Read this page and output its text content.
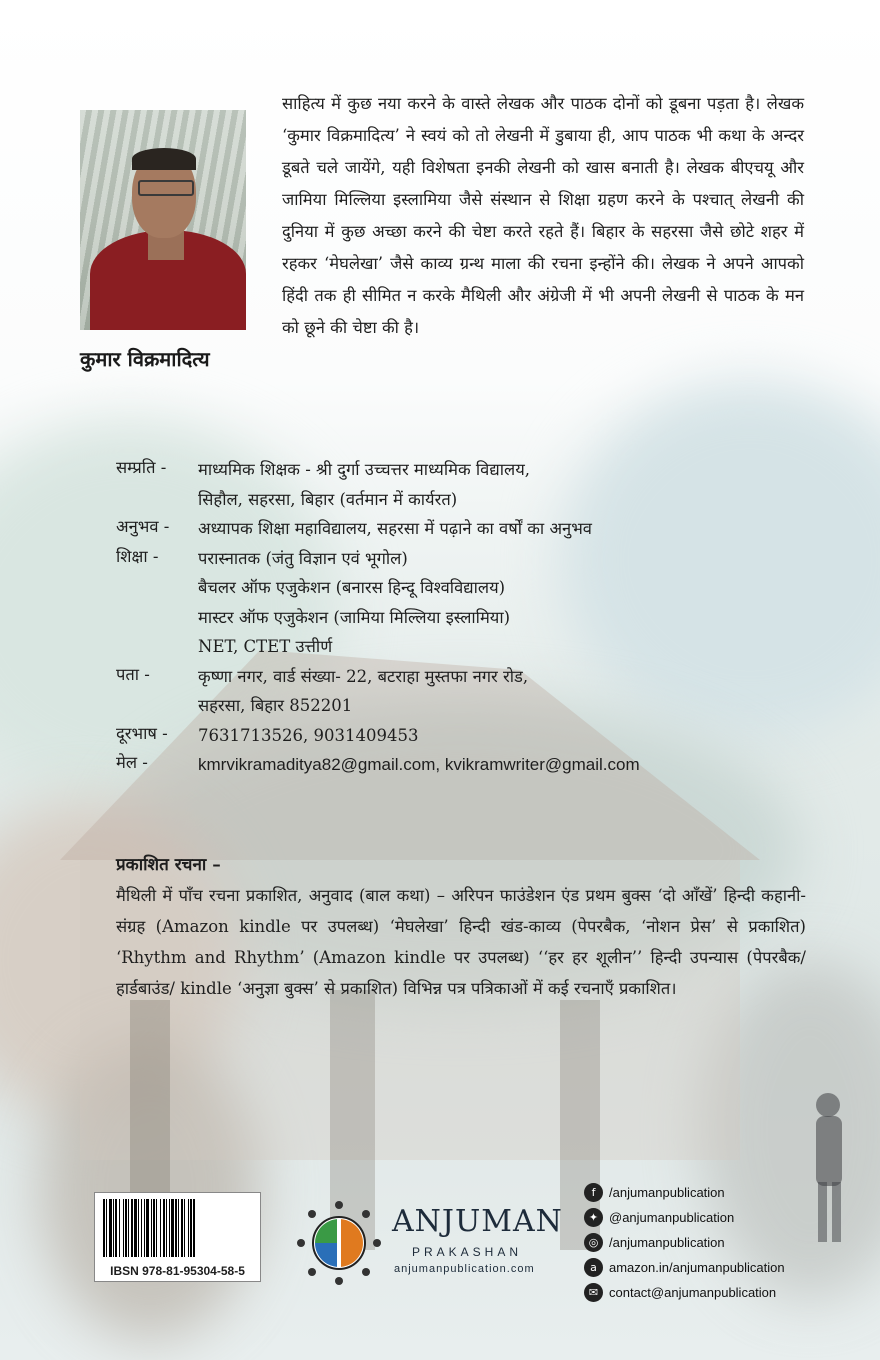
कुमार विक्रमादित्य

साहित्य में कुछ नया करने के वास्ते लेखक और पाठक दोनों को डूबना पड़ता है। लेखक ‘कुमार विक्रमादित्य’ ने स्वयं को तो लेखनी में डुबाया ही, आप पाठक भी कथा के अन्दर डूबते चले जायेंगे, यही विशेषता इनकी लेखनी को खास बनाती है। लेखक बीएचयू और जामिया मिल्लिया इस्लामिया जैसे संस्थान से शिक्षा ग्रहण करने के पश्चात् लेखनी की दुनिया में कुछ अच्छा करने की चेष्टा करते रहते हैं। बिहार के सहरसा जैसे छोटे शहर में रहकर ‘मेघलेखा’ जैसे काव्य ग्रन्थ माला की रचना इन्होंने की। लेखक ने अपने आपको हिंदी तक ही सीमित न करके मैथिली और अंग्रेजी में भी अपनी लेखनी से पाठक के मन को छूने की चेष्टा की है।

सम्प्रति -	माध्यमिक शिक्षक - श्री दुर्गा उच्चत्तर माध्यमिक विद्यालय,
सिहौल, सहरसा, बिहार (वर्तमान में कार्यरत)
अनुभव -	अध्यापक शिक्षा महाविद्यालय, सहरसा में पढ़ाने का वर्षों का अनुभव
शिक्षा -	परास्नातक (जंतु विज्ञान एवं भूगोल)
बैचलर ऑफ एजुकेशन (बनारस हिन्दू विश्वविद्यालय)
मास्टर ऑफ एजुकेशन (जामिया मिल्लिया इस्लामिया)
NET, CTET उत्तीर्ण
पता -	कृष्णा नगर, वार्ड संख्या- 22, बटराहा मुस्तफा नगर रोड,
सहरसा, बिहार 852201
दूरभाष -	7631713526, 9031409453
मेल -	kmrvikramaditya82@gmail.com, kvikramwriter@gmail.com
प्रकाशित रचना –

मैथिली में पाँच रचना प्रकाशित, अनुवाद (बाल कथा) – अरिपन फाउंडेशन एंड प्रथम बुक्स ‘दो आँखें’ हिन्दी कहानी-संग्रह (Amazon kindle पर उपलब्ध) ‘मेघलेखा’ हिन्दी खंड-काव्य (पेपरबैक, ‘नोशन प्रेस’ से प्रकाशित) ‘Rhythm and Rhythm’ (Amazon kindle पर उपलब्ध) ‘‘हर हर शूलीन’’ हिन्दी उपन्यास (पेपरबैक/ हार्डबाउंड/ kindle ‘अनुज्ञा बुक्स’ से प्रकाशित) विभिन्न पत्र पत्रिकाओं में कई रचनाएँ प्रकाशित।

IBSN 978-81-95304-58-5
ANJUMAN
PRAKASHAN
anjumanpublication.com
f	/anjumanpublication
✦ @anjumanpublication
◎ /anjumanpublication
a amazon.in/anjumanpublication
✉ contact@anjumanpublication
